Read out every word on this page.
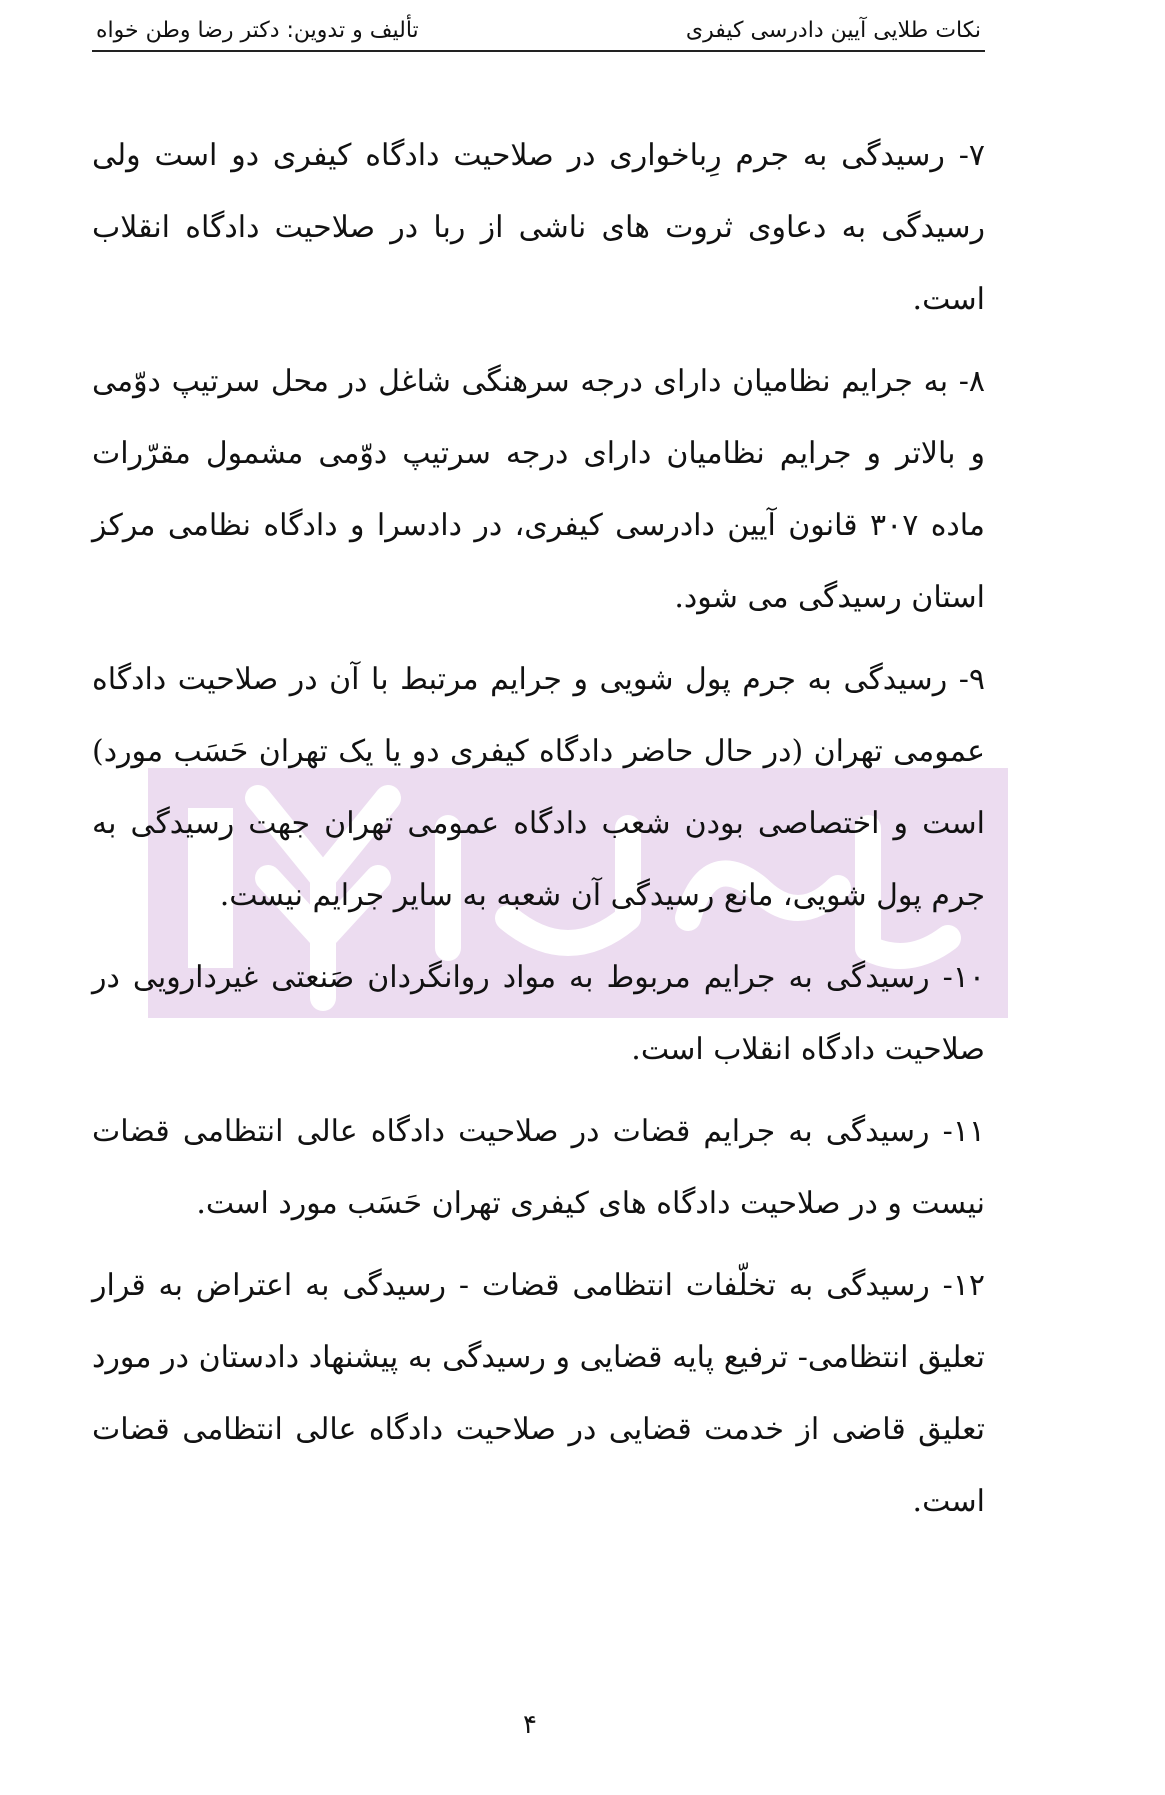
نکات طلایی آیین دادرسی کیفری
تألیف و تدوین: دکتر رضا وطن خواه

۷- رسیدگی به جرم رِباخواری در صلاحیت دادگاه کیفری دو است ولی رسیدگی به دعاوی ثروت های ناشی از ربا در صلاحیت دادگاه انقلاب است.

۸- به جرایم نظامیان دارای درجه سرهنگی شاغل در محل سرتیپ دوّمی و بالاتر و جرایم نظامیان دارای درجه سرتیپ دوّمی مشمول مقرّرات ماده ۳۰۷ قانون آیین دادرسی کیفری، در دادسرا و دادگاه نظامی مرکز استان رسیدگی می شود.

۹- رسیدگی به جرم پول شویی و جرایم مرتبط با آن در صلاحیت دادگاه عمومی تهران (در حال حاضر دادگاه کیفری دو یا یک تهران حَسَب مورد) است و اختصاصی بودن شعب دادگاه عمومی تهران جهت رسیدگی به جرم پول شویی، مانع رسیدگی آن شعبه به سایر جرایم نیست.

۱۰- رسیدگی به جرایم مربوط به مواد روانگردان صَنعتی غیردارویی در صلاحیت دادگاه انقلاب است.

۱۱- رسیدگی به جرایم قضات در صلاحیت دادگاه عالی انتظامی قضات نیست و در صلاحیت دادگاه های کیفری تهران حَسَب مورد است.

۱۲- رسیدگی به تخلّفات انتظامی قضات - رسیدگی به اعتراض به قرار تعلیق انتظامی- ترفیع پایه قضایی و رسیدگی به پیشنهاد دادستان در مورد تعلیق قاضی از خدمت قضایی در صلاحیت دادگاه عالی انتظامی قضات است.

۴
